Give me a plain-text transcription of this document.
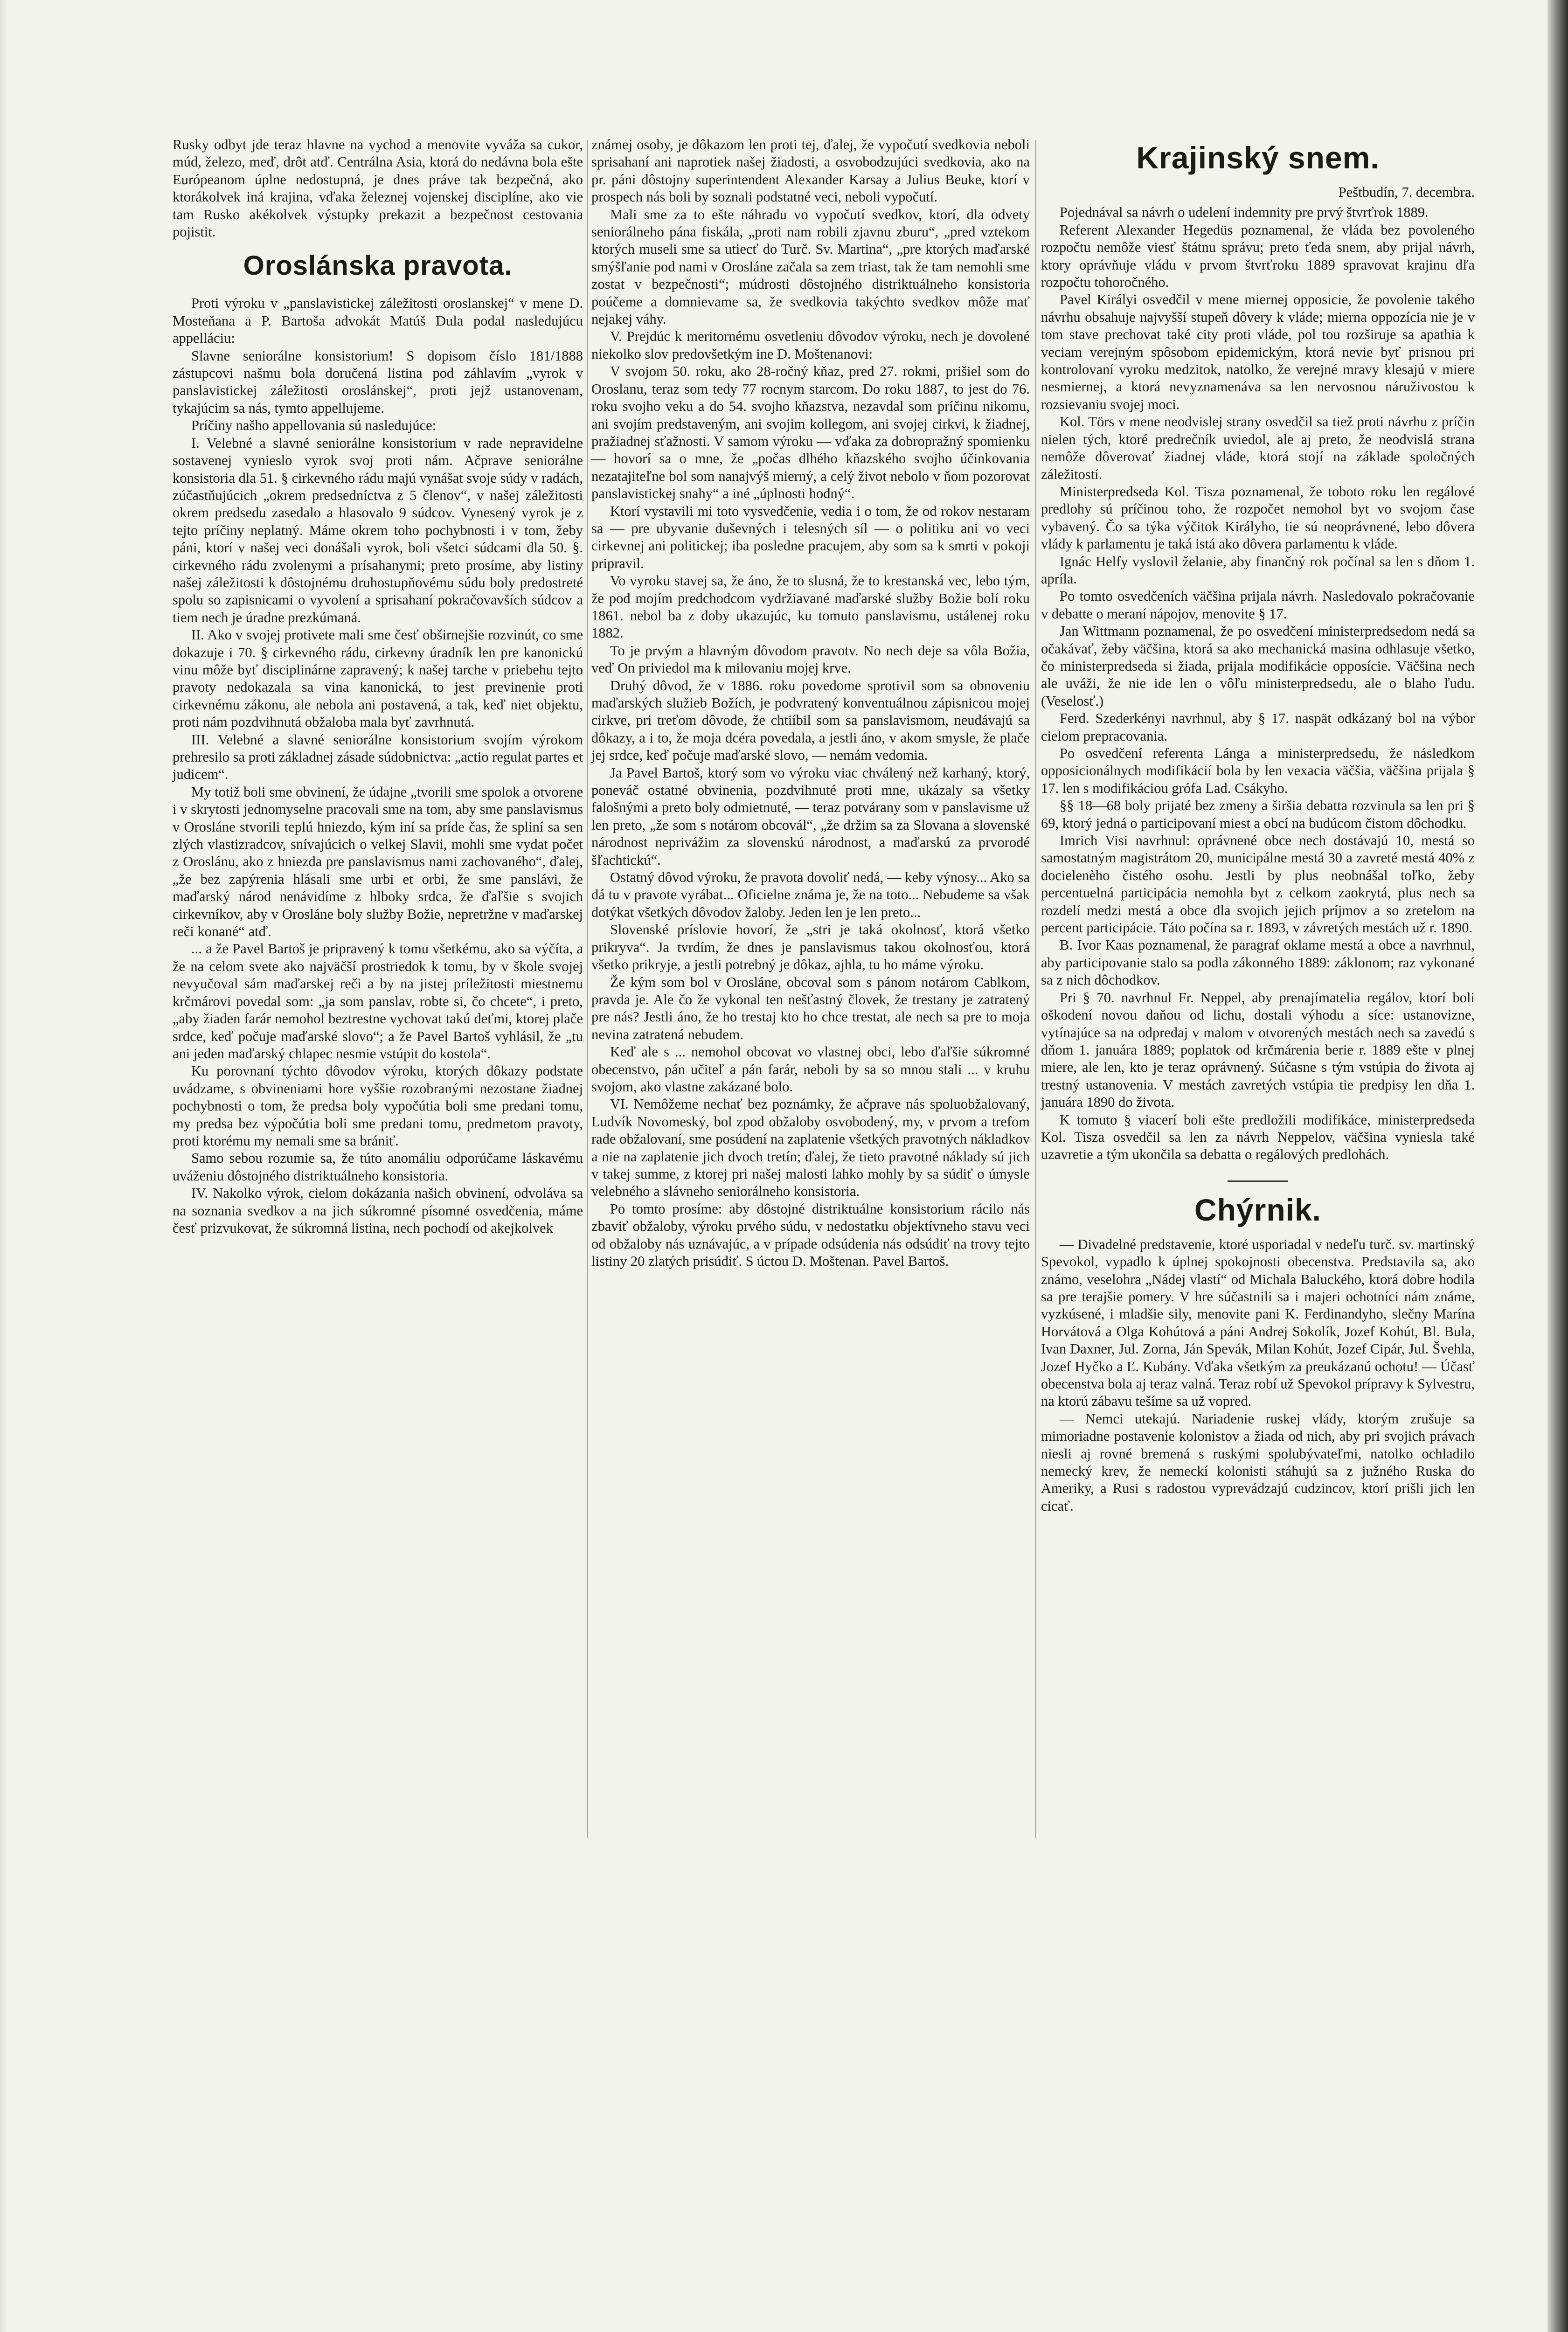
Rusky odbyt jde teraz hlavne na vychod a menovite vyváža sa cukor, múd, železo, meď, drôt atď. Centrálna Asia, ktorá do nedávna bola ešte Európeanom úplne nedostupná, je dnes práve tak bezpečná, ako ktorákolvek iná krajina, vďaka železnej vojenskej disciplíne, ako vie tam Rusko akékolvek výstupky prekazit a bezpečnost cestovania pojistit.

Oroslánska pravota.

Proti výroku v „panslavistickej záležitosti oroslanskej“ v mene D. Mosteňana a P. Bartoša advokát Matúš Dula podal nasledujúcu appelláciu:

Slavne seniorálne konsistorium! S dopisom číslo 181/1888 zástupcovi našmu bola doručená listina pod záhlavím „vyrok v panslavistickej záležitosti oroslánskej“, proti jejž ustanovenam, tykajúcim sa nás, tymto appellujeme.

Príčiny našho appellovania sú nasledujúce:

I. Velebné a slavné seniorálne konsistorium v rade nepravidelne sostavenej vynieslo vyrok svoj proti nám. Ačprave seniorálne konsistoria dla 51. § cirkevného rádu majú vynášat svoje súdy v radách, zúčastňujúcich „okrem predsedníctva z 5 členov“, v našej záležitosti okrem predsedu zasedalo a hlasovalo 9 súdcov. Vynesený vyrok je z tejto príčiny neplatný. Máme okrem toho pochybnosti i v tom, žeby páni, ktorí v našej veci donášali vyrok, boli všetci súdcami dla 50. §. cirkevného rádu zvolenymi a prísahanymi; preto prosíme, aby listiny našej záležitosti k dôstojnému druhostupňovému súdu boly predostreté spolu so zapisnicami o vyvolení a sprisahaní pokračovavších súdcov a tiem nech je úradne prezkúmaná.

II. Ako v svojej protivete mali sme česť obširnejšie rozvinút, co sme dokazuje i 70. § cirkevného rádu, cirkevny úradník len pre kanonickú vinu môže byť disciplinárne zapravený; k našej tarche v priebehu tejto pravoty nedokazala sa vina kanonická, to jest previnenie proti cirkevnému zákonu, ale nebola ani postavená, a tak, keď niet objektu, proti nám pozdvihnutá obžaloba mala byť zavrhnutá.

III. Velebné a slavné seniorálne konsistorium svojím výrokom prehresilo sa proti základnej zásade súdobnictva: „actio regulat partes et judicem“.

My totiž boli sme obvinení, že údajne „tvorili sme spolok a otvorene i v skrytosti jednomyselne pracovali sme na tom, aby sme panslavismus v Orosláne stvorili teplú hniezdo, kým iní sa príde čas, že spliní sa sen zlých vlastizradcov, snívajúcich o velkej Slavii, mohli sme vydat počet z Oroslánu, ako z hniezda pre panslavismus nami zachovaného“, ďalej, „že bez zapýrenia hlásali sme urbi et orbi, že sme panslávi, že maďarský národ nenávidíme z hlboky srdca, že ďaľšie s svojich cirkevníkov, aby v Orosláne boly služby Božie, nepretržne v maďarskej reči konané“ atď.

... a že Pavel Bartoš je pripravený k tomu všetkému, ako sa výčíta, a že na celom svete ako najväčší prostriedok k tomu, by v škole svojej nevyučoval sám maďarskej reči a by na jistej príležitosti miestnemu krčmárovi povedal som: „ja som panslav, robte si, čo chcete“, i preto, „aby žiaden farár nemohol beztrestne vychovat takú deťmi, ktorej plače srdce, keď počuje maďarské slovo“; a že Pavel Bartoš vyhlásil, že „tu ani jeden maďarský chlapec nesmie vstúpit do kostola“.

Ku porovnaní týchto dôvodov výroku, ktorých dôkazy podstate uvádzame, s obvineniami hore vyššie rozobranými nezostane žiadnej pochybnosti o tom, že predsa boly vypočútia boli sme predani tomu, my predsa bez výpočútia boli sme predani tomu, predmetom pravoty, proti ktorému my nemali sme sa brániť.

Samo sebou rozumie sa, že túto anomáliu odporúčame láskavému uváženiu dôstojného distriktuálneho konsistoria.

IV. Nakolko výrok, cielom dokázania našich obvinení, odvoláva sa na soznania svedkov a na jich súkromné písomné osvedčenia, máme česť prizvukovat, že súkromná listina, nech pochodí od akejkolvek

známej osoby, je dôkazom len proti tej, ďalej, že vypočutí svedkovia neboli sprisahaní ani naprotiek našej žiadosti, a osvobodzujúci svedkovia, ako na pr. páni dôstojny superintendent Alexander Karsay a Julius Beuke, ktorí v prospech nás boli by soznali podstatné veci, neboli vypočutí.

Mali sme za to ešte náhradu vo vypočutí svedkov, ktorí, dla odvety seniorálneho pána fiskála, „proti nam robili zjavnu zburu“, „pred vztekom ktorých museli sme sa utiecť do Turč. Sv. Martina“, „pre ktorých maďarské smýšľanie pod nami v Orosláne začala sa zem triast, tak že tam nemohli sme zostat v bezpečnosti“; múdrosti dôstojného distriktuálneho konsistoria poúčeme a domnievame sa, že svedkovia takýchto svedkov môže mať nejakej váhy.

V. Prejdúc k meritornému osvetleniu dôvodov výroku, nech je dovolené niekolko slov predovšetkým ine D. Moštenanovi:

V svojom 50. roku, ako 28-ročný kňaz, pred 27. rokmi, prišiel som do Oroslanu, teraz som tedy 77 rocnym starcom. Do roku 1887, to jest do 76. roku svojho veku a do 54. svojho kňazstva, nezavdal som príčinu nikomu, ani svojím predstaveným, ani svojim kollegom, ani svojej cirkvi, k žiadnej, pražiadnej sťažnosti. V samom výroku — vďaka za dobropražný spomienku — hovorí sa o mne, že „počas dlhého kňazského svojho účinkovania nezatajiteľne bol som nanajvýš mierný, a celý život nebolo v ňom pozorovat panslavistickej snahy“ a iné „úplnosti hodný“.

Ktorí vystavili mi toto vysvedčenie, vedia i o tom, že od rokov nestaram sa — pre ubyvanie duševných i telesných síl — o politiku ani vo veci cirkevnej ani politickej; iba posledne pracujem, aby som sa k smrti v pokoji pripravil.

Vo vyroku stavej sa, že áno, že to slusná, že to krestanská vec, lebo tým, že pod mojím predchodcom vydržiavané maďarské služby Božie bolí roku 1861. nebol ba z doby ukazujúc, ku tomuto panslavismu, ustálenej roku 1882.

To je prvým a hlavným dôvodom pravotv. No nech deje sa vôla Božia, veď On priviedol ma k milovaniu mojej krve.

Druhý dôvod, že v 1886. roku povedome sprotivil som sa obnoveniu maďarských služieb Božích, je podvratený konventuálnou zápisnicou mojej cirkve, pri treťom dôvode, že chtiíbil som sa panslavismom, neudávajú sa dôkazy, a i to, že moja dcéra povedala, a jestli áno, v akom smysle, že plače jej srdce, keď počuje maďarské slovo, — nemám vedomia.

Ja Pavel Bartoš, ktorý som vo výroku viac chválený než karhaný, ktorý, poneváč ostatné obvinenia, pozdvihnuté proti mne, ukázaly sa všetky falošnými a preto boly odmietnuté, — teraz potvárany som v panslavisme už len preto, „že som s notárom obcovál“, „že držim sa za Slovana a slovenské národnost neprivážim za slovenskú národnost, a maďarskú za prvorodé šľachtickú“.

Ostatný dôvod výroku, že pravota dovoliť nedá, — keby výnosy... Ako sa dá tu v pravote vyrábat... Oficielne známa je, že na toto... Nebudeme sa však dotýkat všetkých dôvodov žaloby. Jeden len je len preto...

Slovenské príslovie hovorí, že „stri je taká okolnosť, ktorá všetko prikryva“. Ja tvrdím, že dnes je panslavismus takou okolnosťou, ktorá všetko prikryje, a jestli potrebný je dôkaz, ajhla, tu ho máme výroku.

Že kým som bol v Orosláne, obcoval som s pánom notárom Cablkom, pravda je. Ale čo že vykonal ten nešťastný človek, že trestany je zatratený pre nás? Jestli áno, že ho trestaj kto ho chce trestat, ale nech sa pre to moja nevina zatratená nebudem.

Keď ale s ... nemohol obcovat vo vlastnej obci, lebo ďaľšie súkromné obecenstvo, pán učiteľ a pán farár, neboli by sa so mnou stali ... v kruhu svojom, ako vlastne zakázané bolo.

VI. Nemôžeme nechať bez poznámky, že ačprave nás spoluobžalovaný, Ludvík Novomeský, bol zpod obžaloby osvobodený, my, v prvom a trefom rade obžalovaní, sme posúdení na zaplatenie všetkých pravotných nákladkov a nie na zaplatenie jich dvoch tretín; ďalej, že tieto pravotné náklady sú jich v takej summe, z ktorej pri našej malosti lahko mohly by sa súdiť o úmysle velebného a slávneho seniorálneho konsistoria.

Po tomto prosíme: aby dôstojné distriktuálne konsistorium rácilo nás zbaviť obžaloby, výroku prvého súdu, v nedostatku objektívneho stavu veci od obžaloby nás uznávajúc, a v prípade odsúdenia nás odsúdiť na trovy tejto listiny 20 zlatých prisúdiť. S úctou D. Moštenan. Pavel Bartoš.

Krajinský snem.
Peštbudín, 7. decembra.

Pojednával sa návrh o udelení indemnity pre prvý štvrťrok 1889.

Referent Alexander Hegedüs poznamenal, že vláda bez povoleného rozpočtu nemôže viesť štátnu správu; preto ťeda snem, aby prijal návrh, ktory oprávňuje vládu v prvom štvrťroku 1889 spravovat krajinu dľa rozpočtu tohoročného.

Pavel Királyi osvedčil v mene miernej opposicie, že povolenie takého návrhu obsahuje najvyšší stupeň dôvery k vláde; mierna oppozícia nie je v tom stave prechovat také city proti vláde, pol tou rozširuje sa apathia k veciam verejným spôsobom epidemickým, ktorá nevie byť prisnou pri kontrolovaní vyroku medzitok, natolko, že verejné mravy klesajú v miere nesmiernej, a ktorá nevyznamenáva sa len nervosnou náruživostou k rozsievaniu svojej moci.

Kol. Törs v mene neodvislej strany osvedčil sa tiež proti návrhu z príčin nielen tých, ktoré predrečník uviedol, ale aj preto, že neodvislá strana nemôže dôverovať žiadnej vláde, ktorá stojí na základe spoločných záležitostí.

Ministerpredseda Kol. Tisza poznamenal, že toboto roku len regálové predlohy sú príčinou toho, že rozpočet nemohol byt vo svojom čase vybavený. Čo sa týka výčitok Királyho, tie sú neoprávnené, lebo dôvera vlády k parlamentu je taká istá ako dôvera parlamentu k vláde.

Ignác Helfy vyslovil želanie, aby finančný rok počínal sa len s dňom 1. apríla.

Po tomto osvedčeních väčšina prijala návrh. Nasledovalo pokračovanie v debatte o meraní nápojov, menovite § 17.

Jan Wittmann poznamenal, že po osvedčení ministerpredsedom nedá sa očakávať, žeby väčšina, ktorá sa ako mechanická masina odhlasuje všetko, čo ministerpredseda si žiada, prijala modifikácie opposície. Väčšina nech ale uváži, že nie ide len o vôľu ministerpredsedu, ale o blaho ľudu. (Veselosť.)

Ferd. Szederkényi navrhnul, aby § 17. naspät odkázaný bol na výbor cielom prepracovania.

Po osvedčení referenta Lánga a ministerpredsedu, že následkom opposicionálnych modifikácií bola by len vexacia väčšia, väčšina prijala § 17. len s modifikáciou grófa Lad. Csákyho.

§§ 18—68 boly prijaté bez zmeny a širšia debatta rozvinula sa len pri § 69, ktorý jedná o participovaní miest a obcí na budúcom čistom dôchodku.

Imrich Visi navrhnul: oprávnené obce nech dostávajú 10, mestá so samostatným magistrátom 20, municipálne mestá 30 a zavreté mestá 40% z docielenèho čistého osohu. Jestli by plus neobnášal toľko, žeby percentuelná participácia nemohla byt z celkom zaokrytá, plus nech sa rozdelí medzi mestá a obce dla svojich jejich príjmov a so zretelom na percent participácie. Táto počína sa r. 1893, v závretých mestách už r. 1890.

B. Ivor Kaas poznamenal, že paragraf oklame mestá a obce a navrhnul, aby participovanie stalo sa podla zákonného 1889: záklonom; raz vykonané sa z nich dôchodkov.

Pri § 70. navrhnul Fr. Neppel, aby prenajímatelia regálov, ktorí boli oškodení novou daňou od lichu, dostali výhodu a síce: ustanovizne, vytínajúce sa na odpredaj v malom v otvorených mestách nech sa zavedú s dňom 1. januára 1889; poplatok od krčmárenia berie r. 1889 ešte v plnej miere, ale len, kto je teraz oprávnený. Súčasne s tým vstúpia do života aj trestný ustanovenia. V mestách zavretých vstúpia tie predpisy len dňa 1. januára 1890 do života.

K tomuto § viacerí boli ešte predložili modifikáce, ministerpredseda Kol. Tisza osvedčil sa len za návrh Neppelov, väčšina vyniesla také uzavretie a tým ukončila sa debatta o regálových predlohách.

Chýrnik.

— Divadelné predstavenie, ktoré usporiadal v nedeľu turč. sv. martinský Spevokol, vypadlo k úplnej spokojnosti obecenstva. Predstavila sa, ako známo, veselohra „Nádej vlastí“ od Michala Baluckého, ktorá dobre hodila sa pre terajšie pomery. V hre súčastnili sa i majeri ochotníci nám známe, vyzkúsené, i mladšie sily, menovite pani K. Ferdinandyho, slečny Marína Horvátová a Olga Kohútová a páni Andrej Sokolík, Jozef Kohút, Bl. Bula, Ivan Daxner, Jul. Zorna, Ján Spevák, Milan Kohút, Jozef Cipár, Jul. Švehla, Jozef Hyčko a Ľ. Kubány. Vďaka všetkým za preukázanú ochotu! — Účasť obecenstva bola aj teraz valná. Teraz robí už Spevokol prípravy k Sylvestru, na ktorú zábavu tešíme sa už vopred.

— Nemci utekajú. Nariadenie ruskej vlády, ktorým zrušuje sa mimoriadne postavenie kolonistov a žiada od nich, aby pri svojich právach niesli aj rovné bremená s ruskými spolubývateľmi, natolko ochladilo nemecký krev, že nemeckí kolonisti stáhujú sa z južného Ruska do Ameriky, a Rusi s radostou vyprevádzajú cudzincov, ktorí prišli jich len cicať.
